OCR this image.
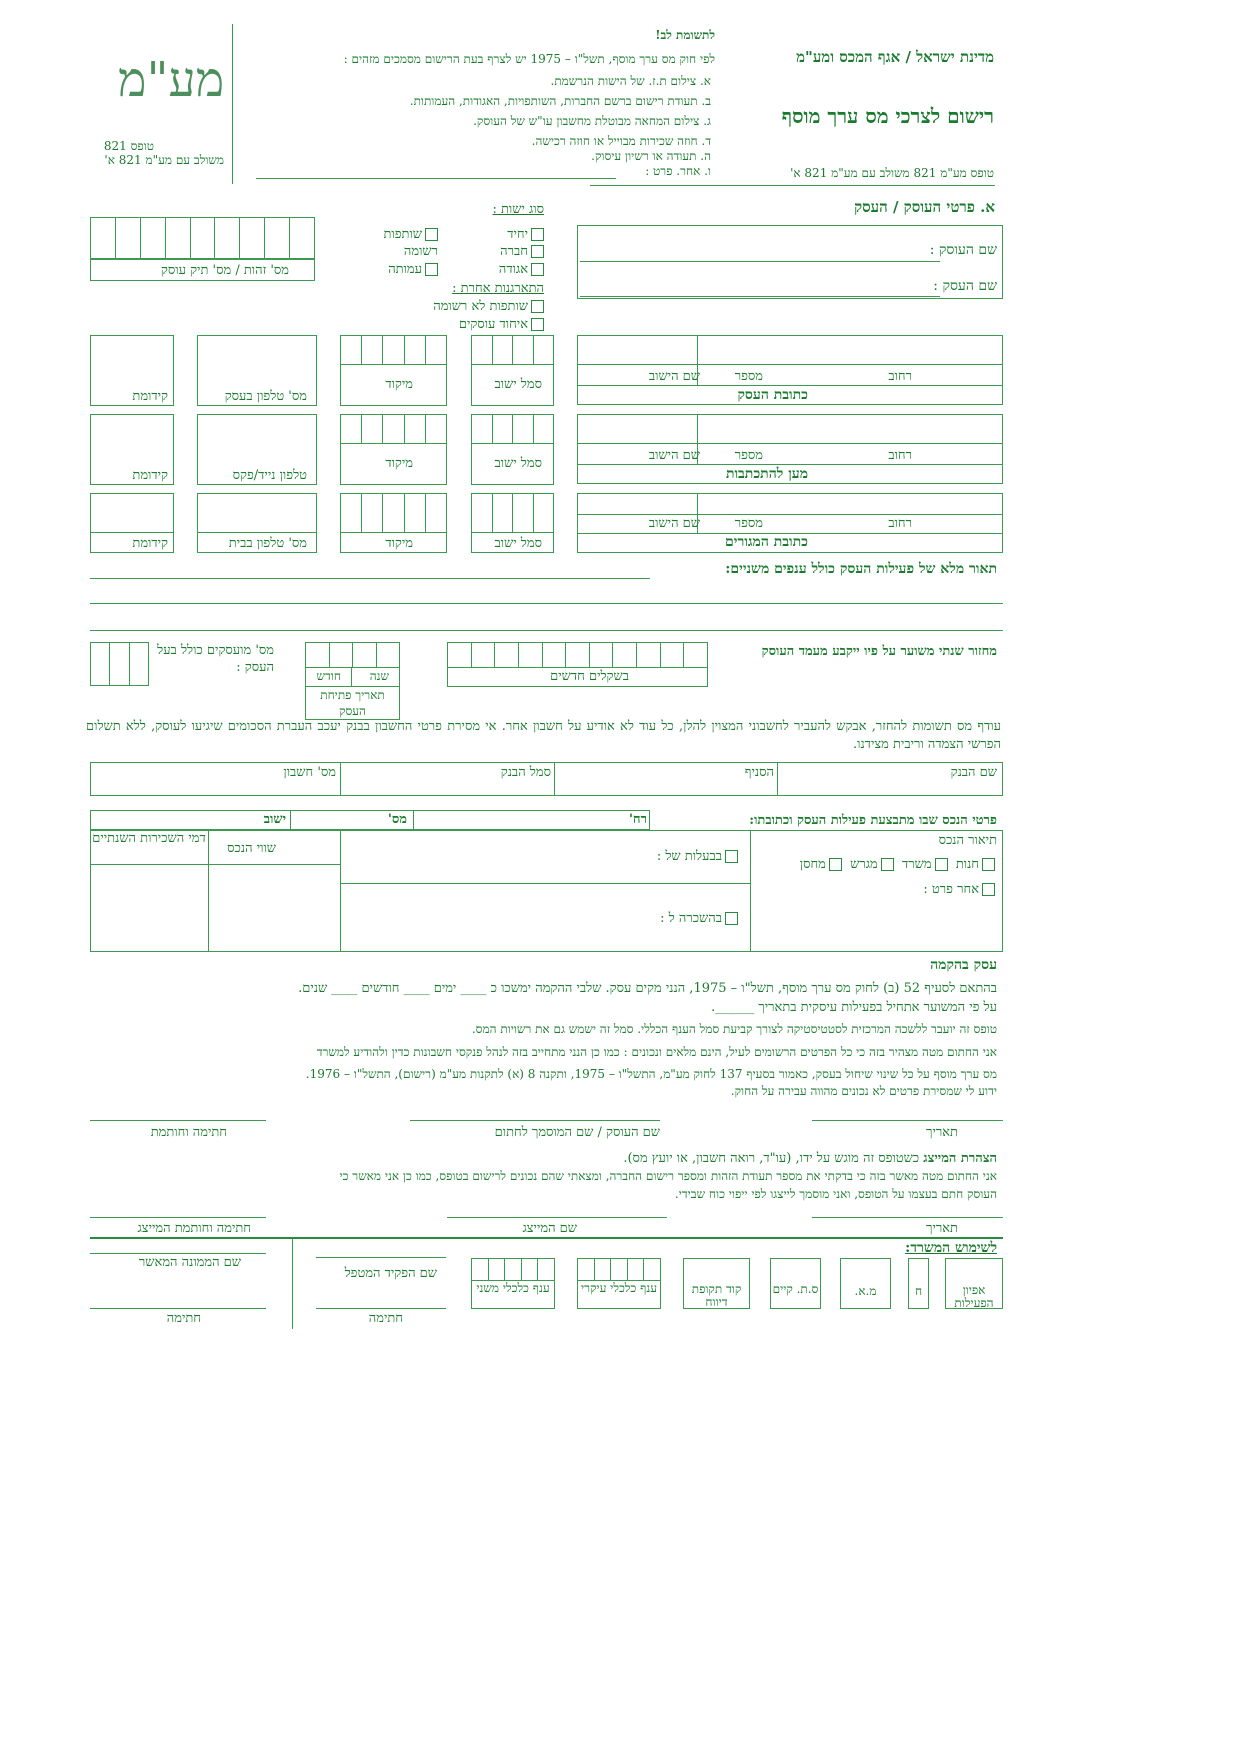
מדינת ישראל / אגף המכס ומע"מ
רישום לצרכי מס ערך מוסף
טופס מע"מ 821 משולב עם מע"מ 821 א'
לתשומת לב!
לפי חוק מס ערך מוסף, תשל"ו – 1975 יש לצרף בעת הרישום מסמכים מזהים :
א. צילום ת.ז. של הישות הנרשמת.
ב. תעודת רישום ברשם החברות, השותפויות, האגודות, העמותות.
ג. צילום המחאה מבוטלת מחשבון עו"ש של העוסק.
ד. חוזה שכירות מבוייל או חוזה רכישה.
ה. תעודה או רשיון עיסוק.
ו. אחר. פרט :
מע"מ
טופס 821
משולב עם מע"מ 821 א'
א. פרטי העוסק / העסק
שם העוסק :
שם העסק :
סוג ישות :
יחיד
חברה
אגודה
שותפות רשומה
עמותה
התארגנות אחרת :
שותפות לא רשומה
איחוד עוסקים
מס' זהות / מס' תיק עוסק
רחוב
מספר
שם הישוב
כתובת העסק
סמל ישוב
מיקוד
מס' טלפון בעסק
קידומת
רחוב
מספר
שם הישוב
מען להתכתבות
סמל ישוב
מיקוד
טלפון נייד/פקס
קידומת
רחוב
מספר
שם הישוב
כתובת המגורים
סמל ישוב
מיקוד
מס' טלפון בבית
קידומת
תאור מלא של פעילות העסק כולל ענפים משניים:
מחזור שנתי משוער על פיו ייקבע מעמד העוסק
בשקלים חדשים
שנה
חודש
תאריך פתיחת העסק
מס' מועסקים כולל בעל העסק :
עודף מס תשומות להחזר, אבקש להעביר לחשבוני המצוין להלן, כל עוד לא אודיע על חשבון אחר. אי מסירת פרטי החשבון בבנק יעכב העברת הסכומים שיגיעו לעוסק, ללא תשלום הפרשי הצמדה וריבית מצידנו.
שם הבנק
הסניף
סמל הבנק
מס' חשבון
פרטי הנכס שבו מתבצעת פעילות העסק וכתובתו:
רח'
מס'
ישוב
תיאור הנכס
חנות  משרד  מגרש  מחסן
אחר פרט :
בבעלות של :
בהשכרה ל :
שווי הנכס
דמי השכירות השנתיים
עסק בהקמה
בהתאם לסעיף 52 (ב) לחוק מס ערך מוסף, תשל"ו – 1975, הנני מקים עסק. שלבי ההקמה ימשכו כ ____ ימים ____ חודשים ____ שנים.
על פי המשוער אתחיל בפעילות עיסקית בתאריך ______.
טופס זה יועבר ללשכה המרכזית לסטטיסטיקה לצורך קביעת סמל הענף הכללי. סמל זה ישמש גם את רשויות המס.
אני החתום מטה מצהיר בזה כי כל הפרטים הרשומים לעיל, הינם מלאים ונכונים : כמו כן הנני מתחייב בזה לנהל פנקסי חשבונות כדין ולהודיע למשרד
מס ערך מוסף על כל שינוי שיחול בעסק, כאמור בסעיף 137 לחוק מע"מ, התשל"ו – 1975, ותקנה 8 (א) לתקנות מע"מ (רישום), התשל"ו – 1976.
ידוע לי שמסירת פרטים לא נכונים מהווה עבירה על החוק.
תאריך
שם העוסק / שם המוסמך לחתום
חתימה וחותמת
הצהרת המייצג כשטופס זה מוגש על ידו, (עו"ד, רואה חשבון, או יועץ מס).
אני החתום מטה מאשר בזה כי בדקתי את מספר תעודת הזהות ומספר רישום החברה, ומצאתי שהם נכונים לרישום בטופס, כמו כן אני מאשר כי
העוסק חתם בעצמו על הטופס, ואני מוסמך לייצגו לפי ייפוי כוח שבידי.
תאריך
שם המייצג
חתימה וחותמת המייצג
לשימוש המשרד:
אפיון הפעילות
ח
מ.א.
ס.ת. קיים
קוד תקופת דיווח
ענף כלכלי עיקרי
ענף כלכלי משני
שם הפקיד המטפל
חתימה
שם הממונה המאשר
חתימה
